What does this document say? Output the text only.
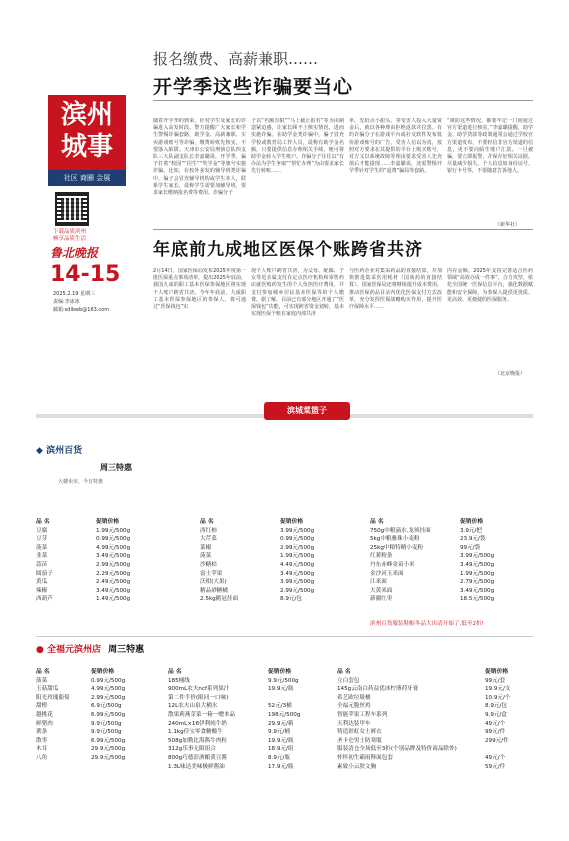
滨州
城事
社区 商圈 会展
下载品质滨州
畅享品质生活
鲁北晚报
14-15
2025.2.19 星期三
责编:李冰冰
邮箱:sdlbwb@163.com
报名缴费、高薪兼职……
开学季这些诈骗要当心
随着开学季的到来，针对学生及家长的诈骗进入高发时段。警方提醒广大家长和学生警惕诈骗套路，助学金、高薪兼职、买卖游戏账号等诈骗，缴费转账先核实，不要落入陷阱。天津市公安局刑侦总队四支队三大队副支队长李嘉璐说，开学季，骗子打着“校园”“招生”“奖学金”等旗号实施诈骗。比如，在校外多发的辅导班类诈骗中，骗子会冒充辅导机构或学生本人，联系学生家长，谎称学生需要加辅导班，要求家长缴纳报名费等费用。诈骗分子
子以“名额有限”“马上截止报名”等为由制造紧迫感，让家长顾不上核实情况，进而实施诈骗。在助学金类诈骗中，骗子冒充学校或教育局工作人员，谎称有助学金名额，只要提供信息办理相关手续，便可将助学金转入学生账户。诈骗分子往往以“有办法为学生争取”“帮忙办理”为由要求家长先行转账……
单、先给点小甜头，等受害人投入大量资金后，就以各种理由拒绝返款并拉黑。有的诈骗分子在游戏平台或社交软件发布低价游戏账号的广告，受害人信以为真，按照对方要求在其提供的平台上购买账号，对方又以系统故障等理由要求受害人先充值后才能提现……李嘉璐说，还需警惕开学季针对学生的“退费”骗局等套路。
“谨防这些情况，都要牢记一门间通过官方渠道进行核实。”李嘉璐提醒，助学金、助学贷款等政策通常会通过学校官方渠道发布，不要轻信非官方渠道的信息，更不要向陌生账户汇款。一旦被骗，要立即报警，并保存好相关证据，尽量减少损失。个人信息如身份证号、银行卡号等，不要随意告诉他人。
（新华社）
年底前九成地区医保个账跨省共济
2月14日，国家医保局发布2025年度第一批医保重点事项清单，提出2025年底前，我国九成的职工基本医保参保地区将实现个人账户跨省共济。今年年底前，九成职工基本医保参保地区的参保人，将可通过“医保钱包”实
现个人账户跨省共济，为父母、配偶、子女等近亲属支付在定点医疗机构和零售药店就医购药发生的个人负担医疗费用，并支付参加城乡居民基本医保等的个人缴费。据了解，目前已有部分地区开通了“医保钱包”功能，可实现跨省资金划转，基本实现医保个账在家庭内部共济
与医药企业对集采药品的直接结算，并加快推进集采医用耗材（国谈药的直接结算）。国家医保局还将继续提升成本费用，推动医保药品目录内优化医保支付方式改革，充分发挥医保战略购买作用，提升医疗保障水平……
内存金额。2025年支持完善适合医药领域“高效办成一件事”，合力攻坚，依托全国统一医保信息平台，强化数据赋能和安全保障，为参保人提供更优质、更高效、更便捷的医保服务。
（北京晚报）
滨城菜篮子
◆ 滨州百货
周三特惠
大楼卖市，今日特惠
品 名	促销价格
豆腐	1.99元/500g
豆芽	0.99元/500g
菠菜	4.99元/500g
韭菜	3.49元/500g
蒜苗	2.99元/500g
圆茄子	2.29元/500g
黄瓜	2.49元/500g
辣椒	3.49元/500g
西葫芦	1.49元/500g
品 名	促销价格
西红柿	3.99元/500g
大芹菜	0.99元/500g
菜椒	2.99元/500g
菠菜	1.99元/500g
沙糖桔	4.49元/500g
富士苹果	3.49元/500g
沃柑(大果)	3.99元/500g
精品砂糖橘	2.99元/500g
2.5kg鹅冠挂面	8.9元/包
品 名	促销价格
750g中粮滴水.龙须挂面	3.9元/把
5kg中粮雅珠小麦粉	23.9元/袋
25kg中粮特精小麦粉	99元/袋
红薯粉条	3.99元/500g
丹东赤峰金苗小米	3.49元/500g
金沙河玉米面	1.99元/500g
江米面	2.79元/500g
大黄米面	3.49元/500g
新疆红枣	18.5元/500g
滨州百货服装鞋帽冬品大出清开始了,低至2折!
● 全福元滨州店 周三特惠
品 名	促销价格
菠菜	0.99元/500g
玉菇甜瓜	4.99元/500g
阳光玫瑰葡萄	2.99元/500g
甜橙	6.9元/500g
越桃花	6.99元/500g
鲜猪肉	9.9元/500g
薯条	9.9元/500g
散枣	6.99元/500g
木耳	29.9元/500g
八角	29.9元/500g
品 名	促销价格
185桶线	9.9元/500g
900mL农夫ncf系列果汁	19.9元/瓶
第二件半价(限同一口味)	
12L农夫山泉大桶水	52元/3桶
散果莉燕芽菜一箱一赠本品	198元/500g
240mL×16伊利纯牛奶	29.9元/箱
1.1kg佳宝零食糖酸牛	9.9元/桶
508g加勒比海酱牛肉粒	19.9元/瓶
312g乐事无限组合	18.9元/组
800g巧德彭酒酿黄豆酱	8.9元/瓶
1.3L味达美味极鲜酱油	17.9元/瓶
品 名	促销价格
立白套包	99元/套
145g云南白药益优冰柠薄荷牙膏	19.9元/支
希艺欧垃圾桶	10.9元/个
全福元脆丝鸡	8.9元/包
智能苹果工程车系列	9.9元/盒
天利达装甲车	49元/个
铸造彩虹女士裤衣	99元/件
圣卡仑男士防寒服	299元/件
服装清仓全场低至3折(个别品牌及特价商品除外)	
怀怀初生霸雨释面包套	49元/个
素致小云肤文胸	59元/件
